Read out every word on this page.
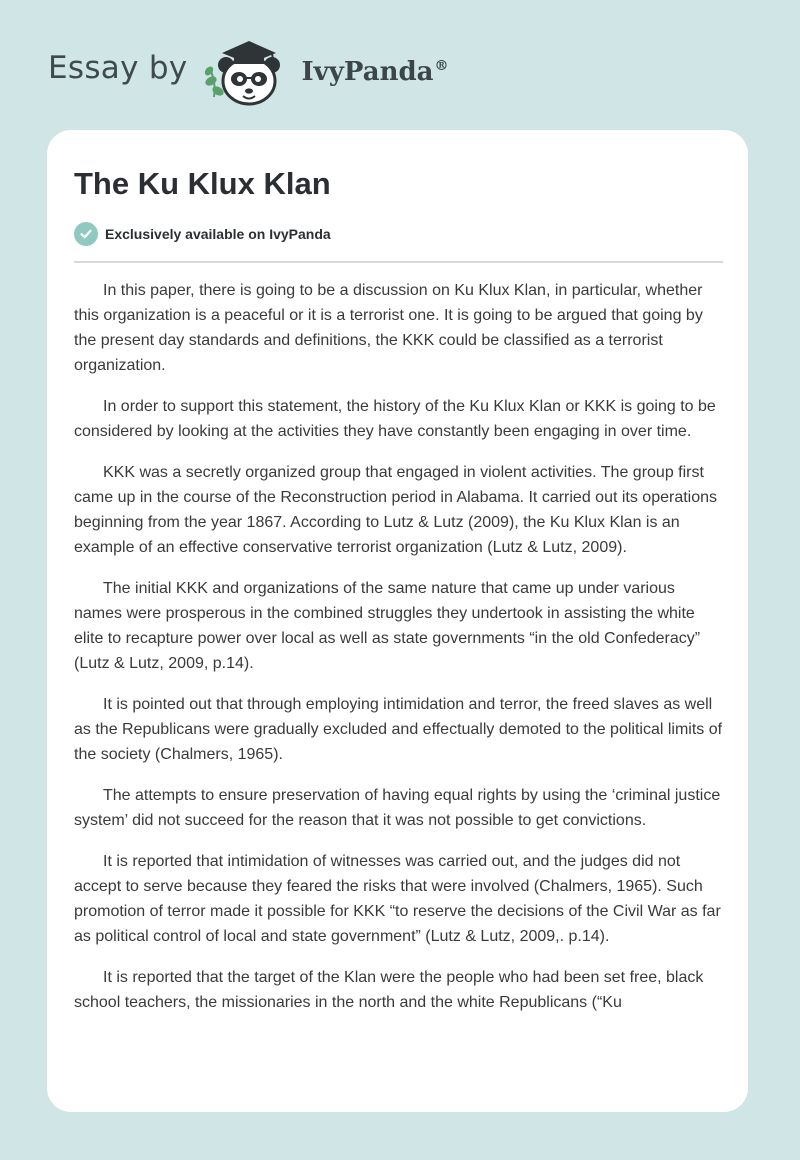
Essay by	IvyPanda®
The Ku Klux Klan
Exclusively available on IvyPanda

In this paper, there is going to be a discussion on Ku Klux Klan, in particular, whether this organization is a peaceful or it is a terrorist one. It is going to be argued that going by the present day standards and definitions, the KKK could be classified as a terrorist organization.

In order to support this statement, the history of the Ku Klux Klan or KKK is going to be considered by looking at the activities they have constantly been engaging in over time.

KKK was a secretly organized group that engaged in violent activities. The group first came up in the course of the Reconstruction period in Alabama. It carried out its operations beginning from the year 1867. According to Lutz & Lutz (2009), the Ku Klux Klan is an example of an effective conservative terrorist organization (Lutz & Lutz, 2009).

The initial KKK and organizations of the same nature that came up under various names were prosperous in the combined struggles they undertook in assisting the white elite to recapture power over local as well as state governments “in the old Confederacy” (Lutz & Lutz, 2009, p.14).

It is pointed out that through employing intimidation and terror, the freed slaves as well as the Republicans were gradually excluded and effectually demoted to the political limits of the society (Chalmers, 1965).

The attempts to ensure preservation of having equal rights by using the ‘criminal justice system’ did not succeed for the reason that it was not possible to get convictions.

It is reported that intimidation of witnesses was carried out, and the judges did not accept to serve because they feared the risks that were involved (Chalmers, 1965). Such promotion of terror made it possible for KKK “to reserve the decisions of the Civil War as far as political control of local and state government” (Lutz & Lutz, 2009,. p.14).

It is reported that the target of the Klan were the people who had been set free, black school teachers, the missionaries in the north and the white Republicans (“Ku
